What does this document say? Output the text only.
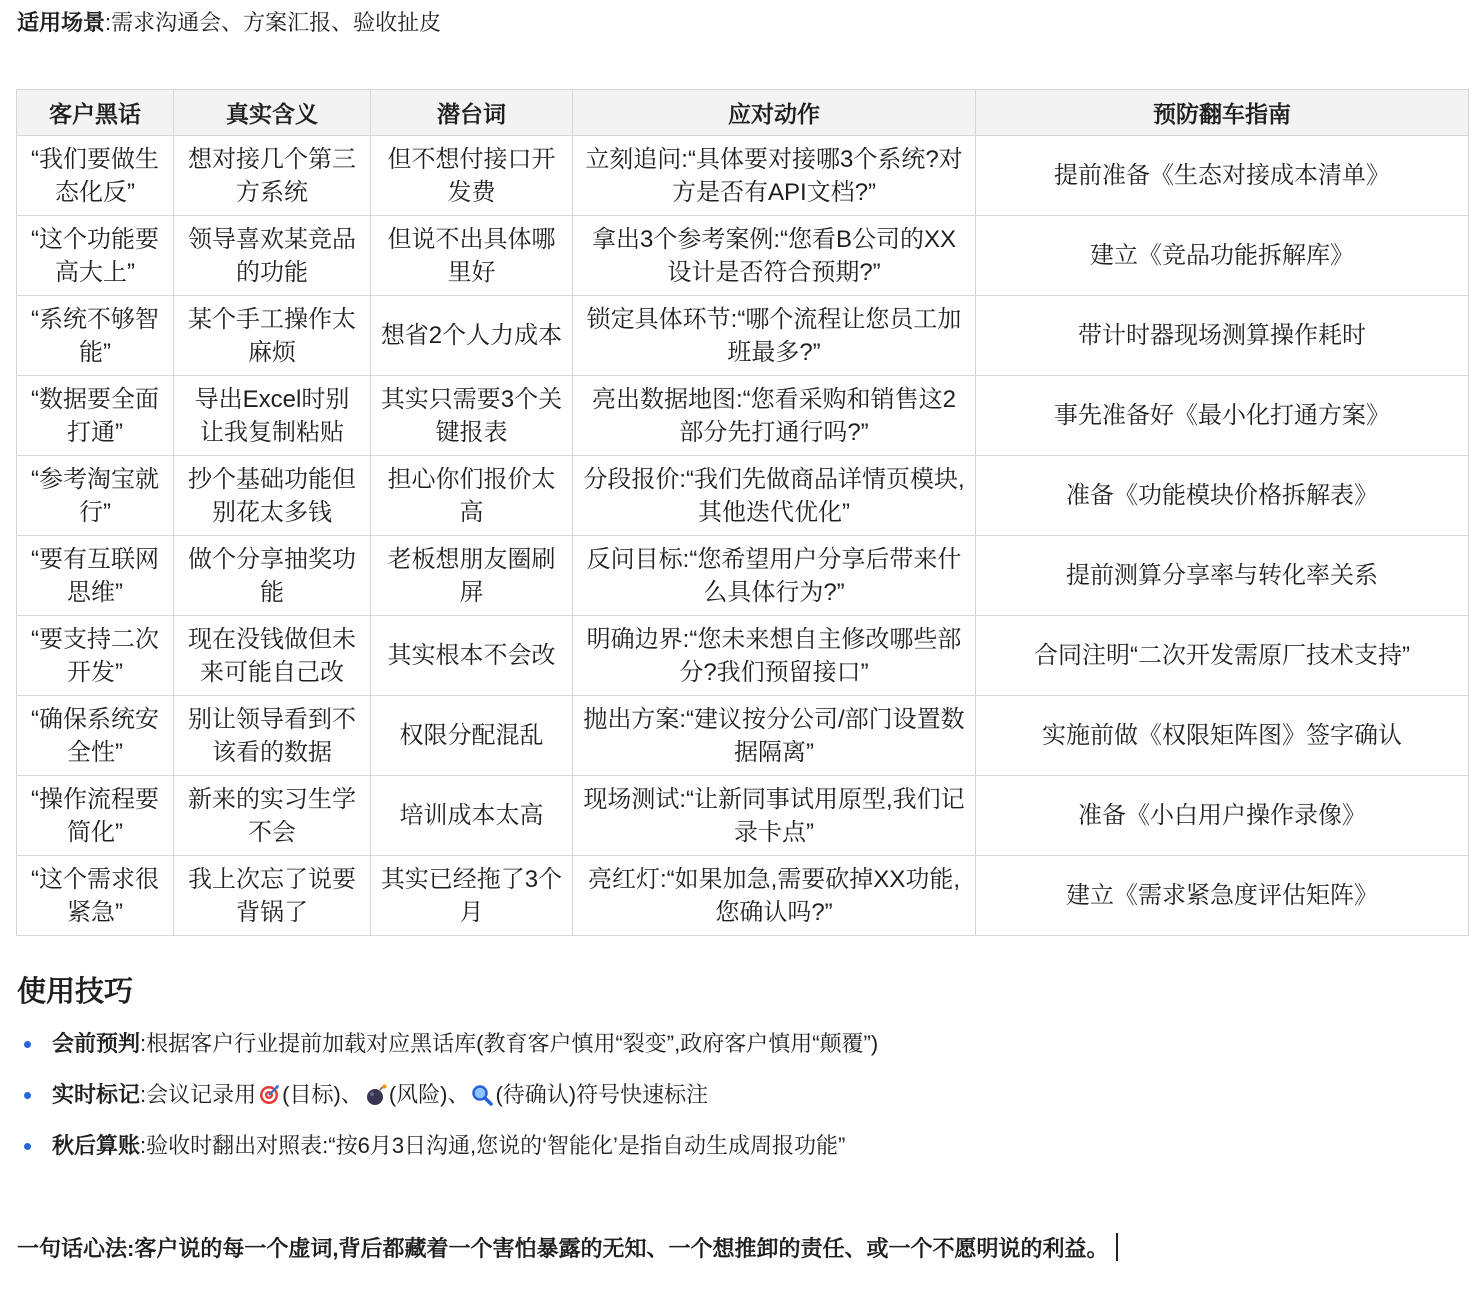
适用场景:需求沟通会、方案汇报、验收扯皮
客户黑话	真实含义	潜台词	应对动作	预防翻车指南
“我们要做生态化反”	想对接几个第三方系统	但不想付接口开发费	立刻追问:“具体要对接哪3个系统?对方是否有API文档?”	提前准备《生态对接成本清单》
“这个功能要高大上”	领导喜欢某竞品的功能	但说不出具体哪里好	拿出3个参考案例:“您看B公司的XX设计是否符合预期?”	建立《竞品功能拆解库》
“系统不够智能”	某个手工操作太麻烦	想省2个人力成本	锁定具体环节:“哪个流程让您员工加班最多?”	带计时器现场测算操作耗时
“数据要全面打通”	导出Excel时别让我复制粘贴	其实只需要3个关键报表	亮出数据地图:“您看采购和销售这2部分先打通行吗?”	事先准备好《最小化打通方案》
“参考淘宝就行”	抄个基础功能但别花太多钱	担心你们报价太高	分段报价:“我们先做商品详情页模块,其他迭代优化”	准备《功能模块价格拆解表》
“要有互联网思维”	做个分享抽奖功能	老板想朋友圈刷屏	反问目标:“您希望用户分享后带来什么具体行为?”	提前测算分享率与转化率关系
“要支持二次开发”	现在没钱做但未来可能自己改	其实根本不会改	明确边界:“您未来想自主修改哪些部分?我们预留接口”	合同注明“二次开发需原厂技术支持”
“确保系统安全性”	别让领导看到不该看的数据	权限分配混乱	抛出方案:“建议按分公司/部门设置数据隔离”	实施前做《权限矩阵图》签字确认
“操作流程要简化”	新来的实习生学不会	培训成本太高	现场测试:“让新同事试用原型,我们记录卡点”	准备《小白用户操作录像》
“这个需求很紧急”	我上次忘了说要背锅了	其实已经拖了3个月	亮红灯:“如果加急,需要砍掉XX功能,您确认吗?”	建立《需求紧急度评估矩阵》
使用技巧
会前预判:根据客户行业提前加载对应黑话库(教育客户慎用“裂变”,政府客户慎用“颠覆”)
实时标记:会议记录用 (目标)、 (风险)、 (待确认)符号快速标注
秋后算账:验收时翻出对照表:“按6月3日沟通,您说的‘智能化’是指自动生成周报功能”
一句话心法:客户说的每一个虚词,背后都藏着一个害怕暴露的无知、一个想推卸的责任、或一个不愿明说的利益。
